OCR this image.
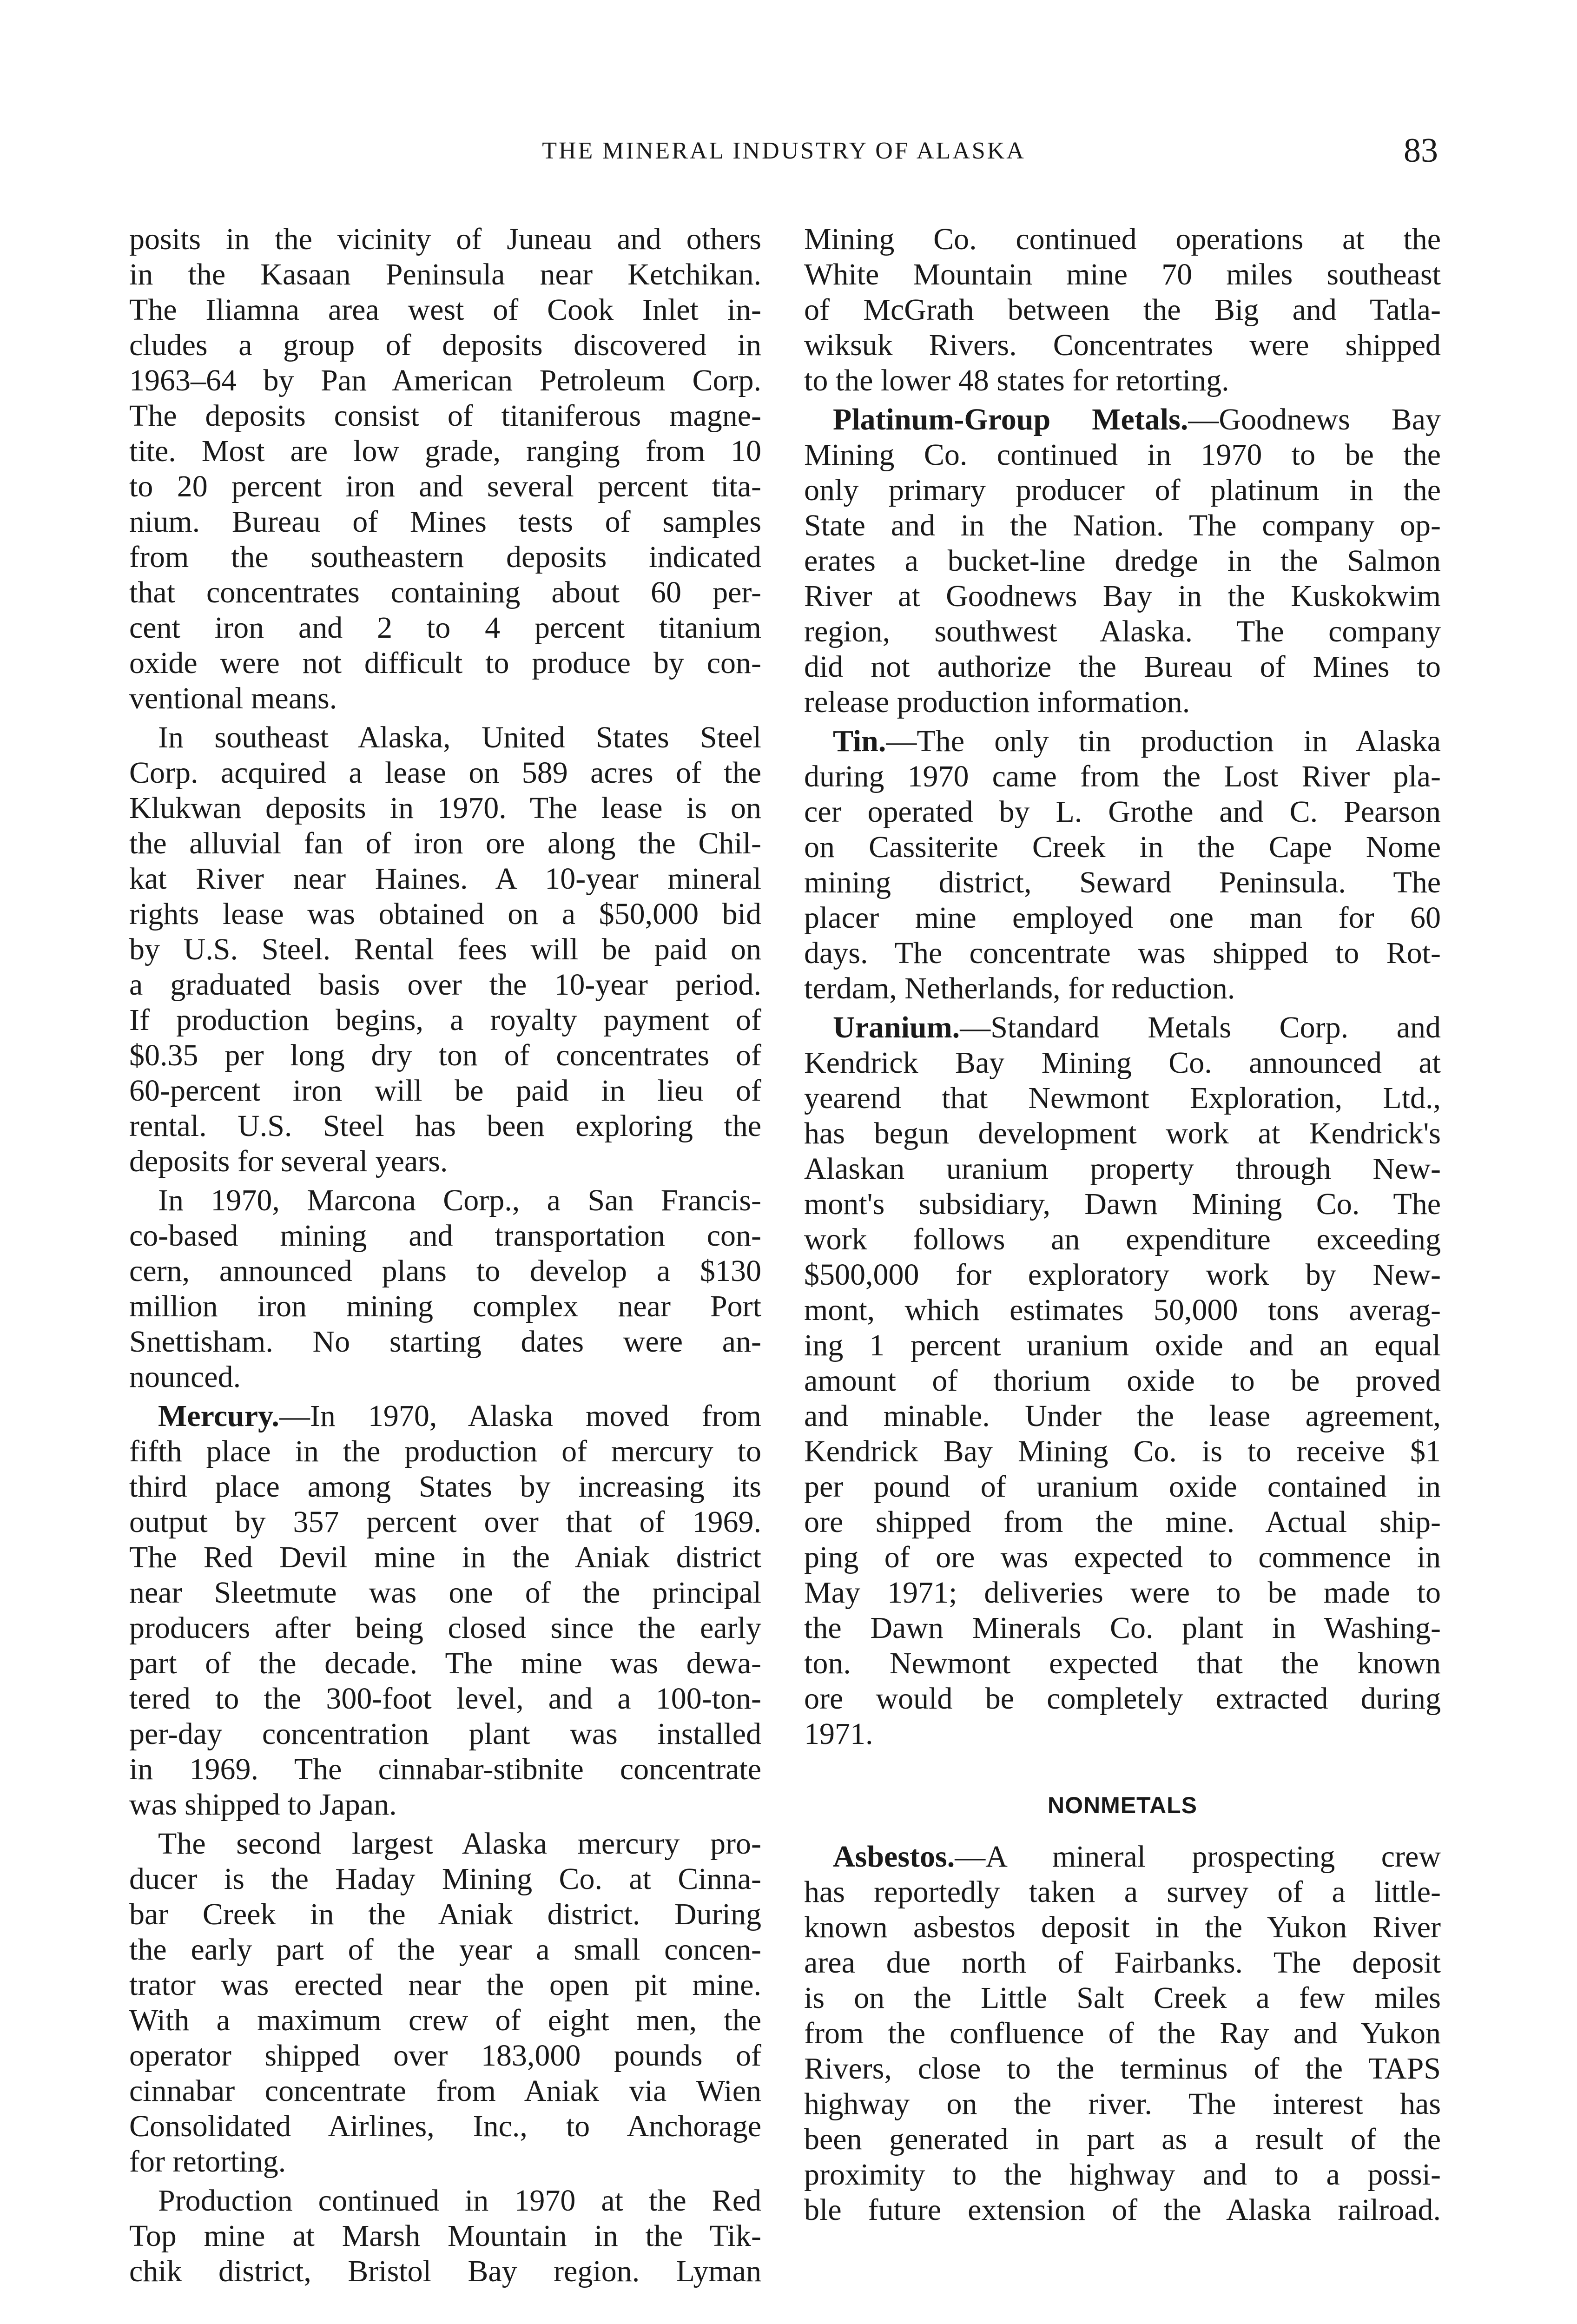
THE MINERAL INDUSTRY OF ALASKA	83
posits in the vicinity of Juneau and others
in the Kasaan Peninsula near Ketchikan.
The Iliamna area west of Cook Inlet in-
cludes a group of deposits discovered in
1963–64 by Pan American Petroleum Corp.
The deposits consist of titaniferous magne-
tite. Most are low grade, ranging from 10
to 20 percent iron and several percent tita-
nium. Bureau of Mines tests of samples
from the southeastern deposits indicated
that concentrates containing about 60 per-
cent iron and 2 to 4 percent titanium
oxide were not difficult to produce by con-
ventional means.
In southeast Alaska, United States Steel
Corp. acquired a lease on 589 acres of the
Klukwan deposits in 1970. The lease is on
the alluvial fan of iron ore along the Chil-
kat River near Haines. A 10-year mineral
rights lease was obtained on a $50,000 bid
by U.S. Steel. Rental fees will be paid on
a graduated basis over the 10-year period.
If production begins, a royalty payment of
$0.35 per long dry ton of concentrates of
60-percent iron will be paid in lieu of
rental. U.S. Steel has been exploring the
deposits for several years.
In 1970, Marcona Corp., a San Francis-
co-based mining and transportation con-
cern, announced plans to develop a $130
million iron mining complex near Port
Snettisham. No starting dates were an-
nounced.
Mercury.—In 1970, Alaska moved from
fifth place in the production of mercury to
third place among States by increasing its
output by 357 percent over that of 1969.
The Red Devil mine in the Aniak district
near Sleetmute was one of the principal
producers after being closed since the early
part of the decade. The mine was dewa-
tered to the 300-foot level, and a 100-ton-
per-day concentration plant was installed
in 1969. The cinnabar-stibnite concentrate
was shipped to Japan.
The second largest Alaska mercury pro-
ducer is the Haday Mining Co. at Cinna-
bar Creek in the Aniak district. During
the early part of the year a small concen-
trator was erected near the open pit mine.
With a maximum crew of eight men, the
operator shipped over 183,000 pounds of
cinnabar concentrate from Aniak via Wien
Consolidated Airlines, Inc., to Anchorage
for retorting.
Production continued in 1970 at the Red
Top mine at Marsh Mountain in the Tik-
chik district, Bristol Bay region. Lyman
Mining Co. continued operations at the
White Mountain mine 70 miles southeast
of McGrath between the Big and Tatla-
wiksuk Rivers. Concentrates were shipped
to the lower 48 states for retorting.
Platinum-Group Metals.—Goodnews Bay
Mining Co. continued in 1970 to be the
only primary producer of platinum in the
State and in the Nation. The company op-
erates a bucket-line dredge in the Salmon
River at Goodnews Bay in the Kuskokwim
region, southwest Alaska. The company
did not authorize the Bureau of Mines to
release production information.
Tin.—The only tin production in Alaska
during 1970 came from the Lost River pla-
cer operated by L. Grothe and C. Pearson
on Cassiterite Creek in the Cape Nome
mining district, Seward Peninsula. The
placer mine employed one man for 60
days. The concentrate was shipped to Rot-
terdam, Netherlands, for reduction.
Uranium.—Standard Metals Corp. and
Kendrick Bay Mining Co. announced at
yearend that Newmont Exploration, Ltd.,
has begun development work at Kendrick's
Alaskan uranium property through New-
mont's subsidiary, Dawn Mining Co. The
work follows an expenditure exceeding
$500,000 for exploratory work by New-
mont, which estimates 50,000 tons averag-
ing 1 percent uranium oxide and an equal
amount of thorium oxide to be proved
and minable. Under the lease agreement,
Kendrick Bay Mining Co. is to receive $1
per pound of uranium oxide contained in
ore shipped from the mine. Actual ship-
ping of ore was expected to commence in
May 1971; deliveries were to be made to
the Dawn Minerals Co. plant in Washing-
ton. Newmont expected that the known
ore would be completely extracted during
1971.
NONMETALS
Asbestos.—A mineral prospecting crew
has reportedly taken a survey of a little-
known asbestos deposit in the Yukon River
area due north of Fairbanks. The deposit
is on the Little Salt Creek a few miles
from the confluence of the Ray and Yukon
Rivers, close to the terminus of the TAPS
highway on the river. The interest has
been generated in part as a result of the
proximity to the highway and to a possi-
ble future extension of the Alaska railroad.
